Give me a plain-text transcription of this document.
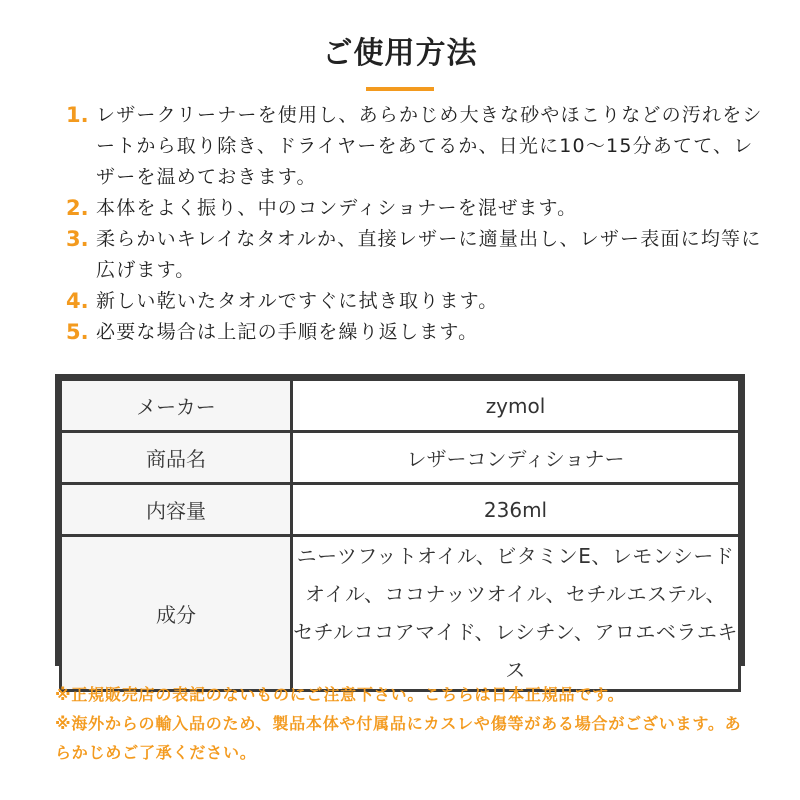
ご使用方法
1. レザークリーナーを使用し、あらかじめ大きな砂やほこりなどの汚れをシートから取り除き、ドライヤーをあてるか、日光に10〜15分あてて、レザーを温めておきます。
2. 本体をよく振り、中のコンディショナーを混ぜます。
3. 柔らかいキレイなタオルか、直接レザーに適量出し、レザー表面に均等に広げます。
4. 新しい乾いたタオルですぐに拭き取ります。
5. 必要な場合は上記の手順を繰り返します。
メーカー	zymol
商品名	レザーコンディショナー
内容量	236ml
成分	ニーツフットオイル、ビタミンE、レモンシード
オイル、ココナッツオイル、セチルエステル、
セチルココアマイド、レシチン、アロエベラエキス
※正規販売店の表記のないものにご注意下さい。こちらは日本正規品です。
※海外からの輸入品のため、製品本体や付属品にカスレや傷等がある場合がございます。あらかじめご了承ください。
